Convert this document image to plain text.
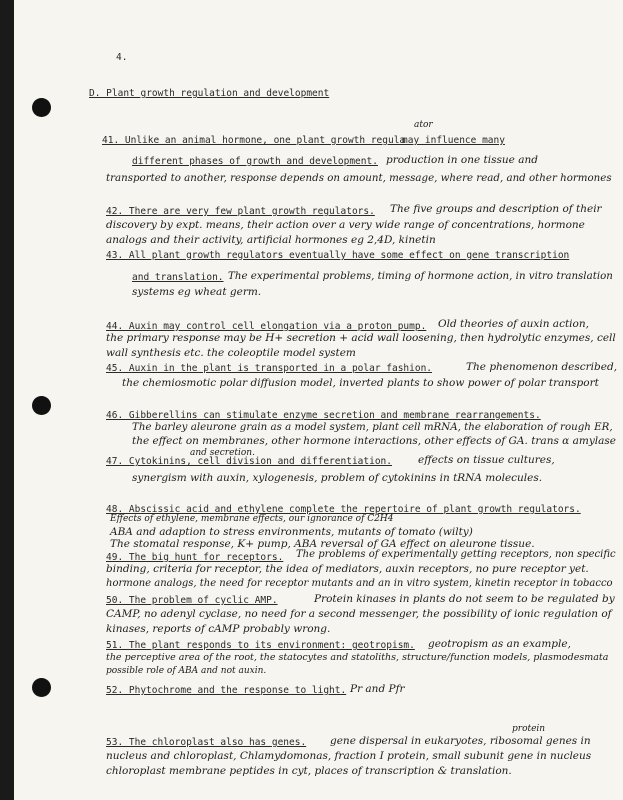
4.
D. Plant growth regulation and development
ator
41. Unlike an animal hormone, one plant growth regula
may influence many
different phases of growth and development. production in one tissue and
transported to another, response depends on amount, message, where read, and other hormones
42. There are very few plant growth regulators. The five groups and description of their
discovery by expt. means, their action over a very wide range of concentrations, hormone
analogs and their activity, artificial hormones eg 2,4D, kinetin
43. All plant growth regulators eventually have some effect on gene transcription
and translation. The experimental problems, timing of hormone action, in vitro translation
systems eg wheat germ.
44. Auxin may control cell elongation via a proton pump. Old theories of auxin action,
the primary response may be H+ secretion + acid wall loosening, then hydrolytic enzymes, cell
wall synthesis etc. the coleoptile model system
45. Auxin in the plant is transported in a polar fashion.	The phenomenon described,
the chemiosmotic polar diffusion model, inverted plants to show power of polar transport
46. Gibberellins can stimulate enzyme secretion and membrane rearrangements.
The barley aleurone grain as a model system, plant cell mRNA, the elaboration of rough ER,
the effect on membranes, other hormone interactions, other effects of GA. trans α amylase
and secretion.
47. Cytokinins, cell division and differentiation. effects on tissue cultures,
synergism with auxin, xylogenesis, problem of cytokinins in tRNA molecules.
48. Abscissic acid and ethylene complete the repertoire of plant growth regulators.
Effects of ethylene, membrane effects, our ignorance of C2H4
ABA and adaption to stress environments, mutants of tomato (wilty)
The stomatal response, K+ pump, ABA reversal of GA effect on aleurone tissue.
49. The big hunt for receptors. The problems of experimentally getting receptors, non specific
binding, criteria for receptor, the idea of mediators, auxin receptors, no pure receptor yet.
hormone analogs, the need for receptor mutants and an in vitro system, kinetin receptor in tobacco
50. The problem of cyclic AMP.	Protein kinases in plants do not seem to be regulated by
CAMP, no adenyl cyclase, no need for a second messenger, the possibility of ionic regulation of
kinases, reports of cAMP probably wrong.
51. The plant responds to its environment: geotropism. geotropism as an example,
the perceptive area of the root, the statocytes and statoliths, structure/function models, plasmodesmata
possible role of ABA and not auxin.
52. Phytochrome and the response to light. Pr and Pfr
protein
53. The chloroplast also has genes. gene dispersal in eukaryotes, ribosomal genes in
nucleus and chloroplast, Chlamydomonas, fraction I protein, small subunit gene in nucleus
chloroplast membrane peptides in cyt, places of transcription & translation.
